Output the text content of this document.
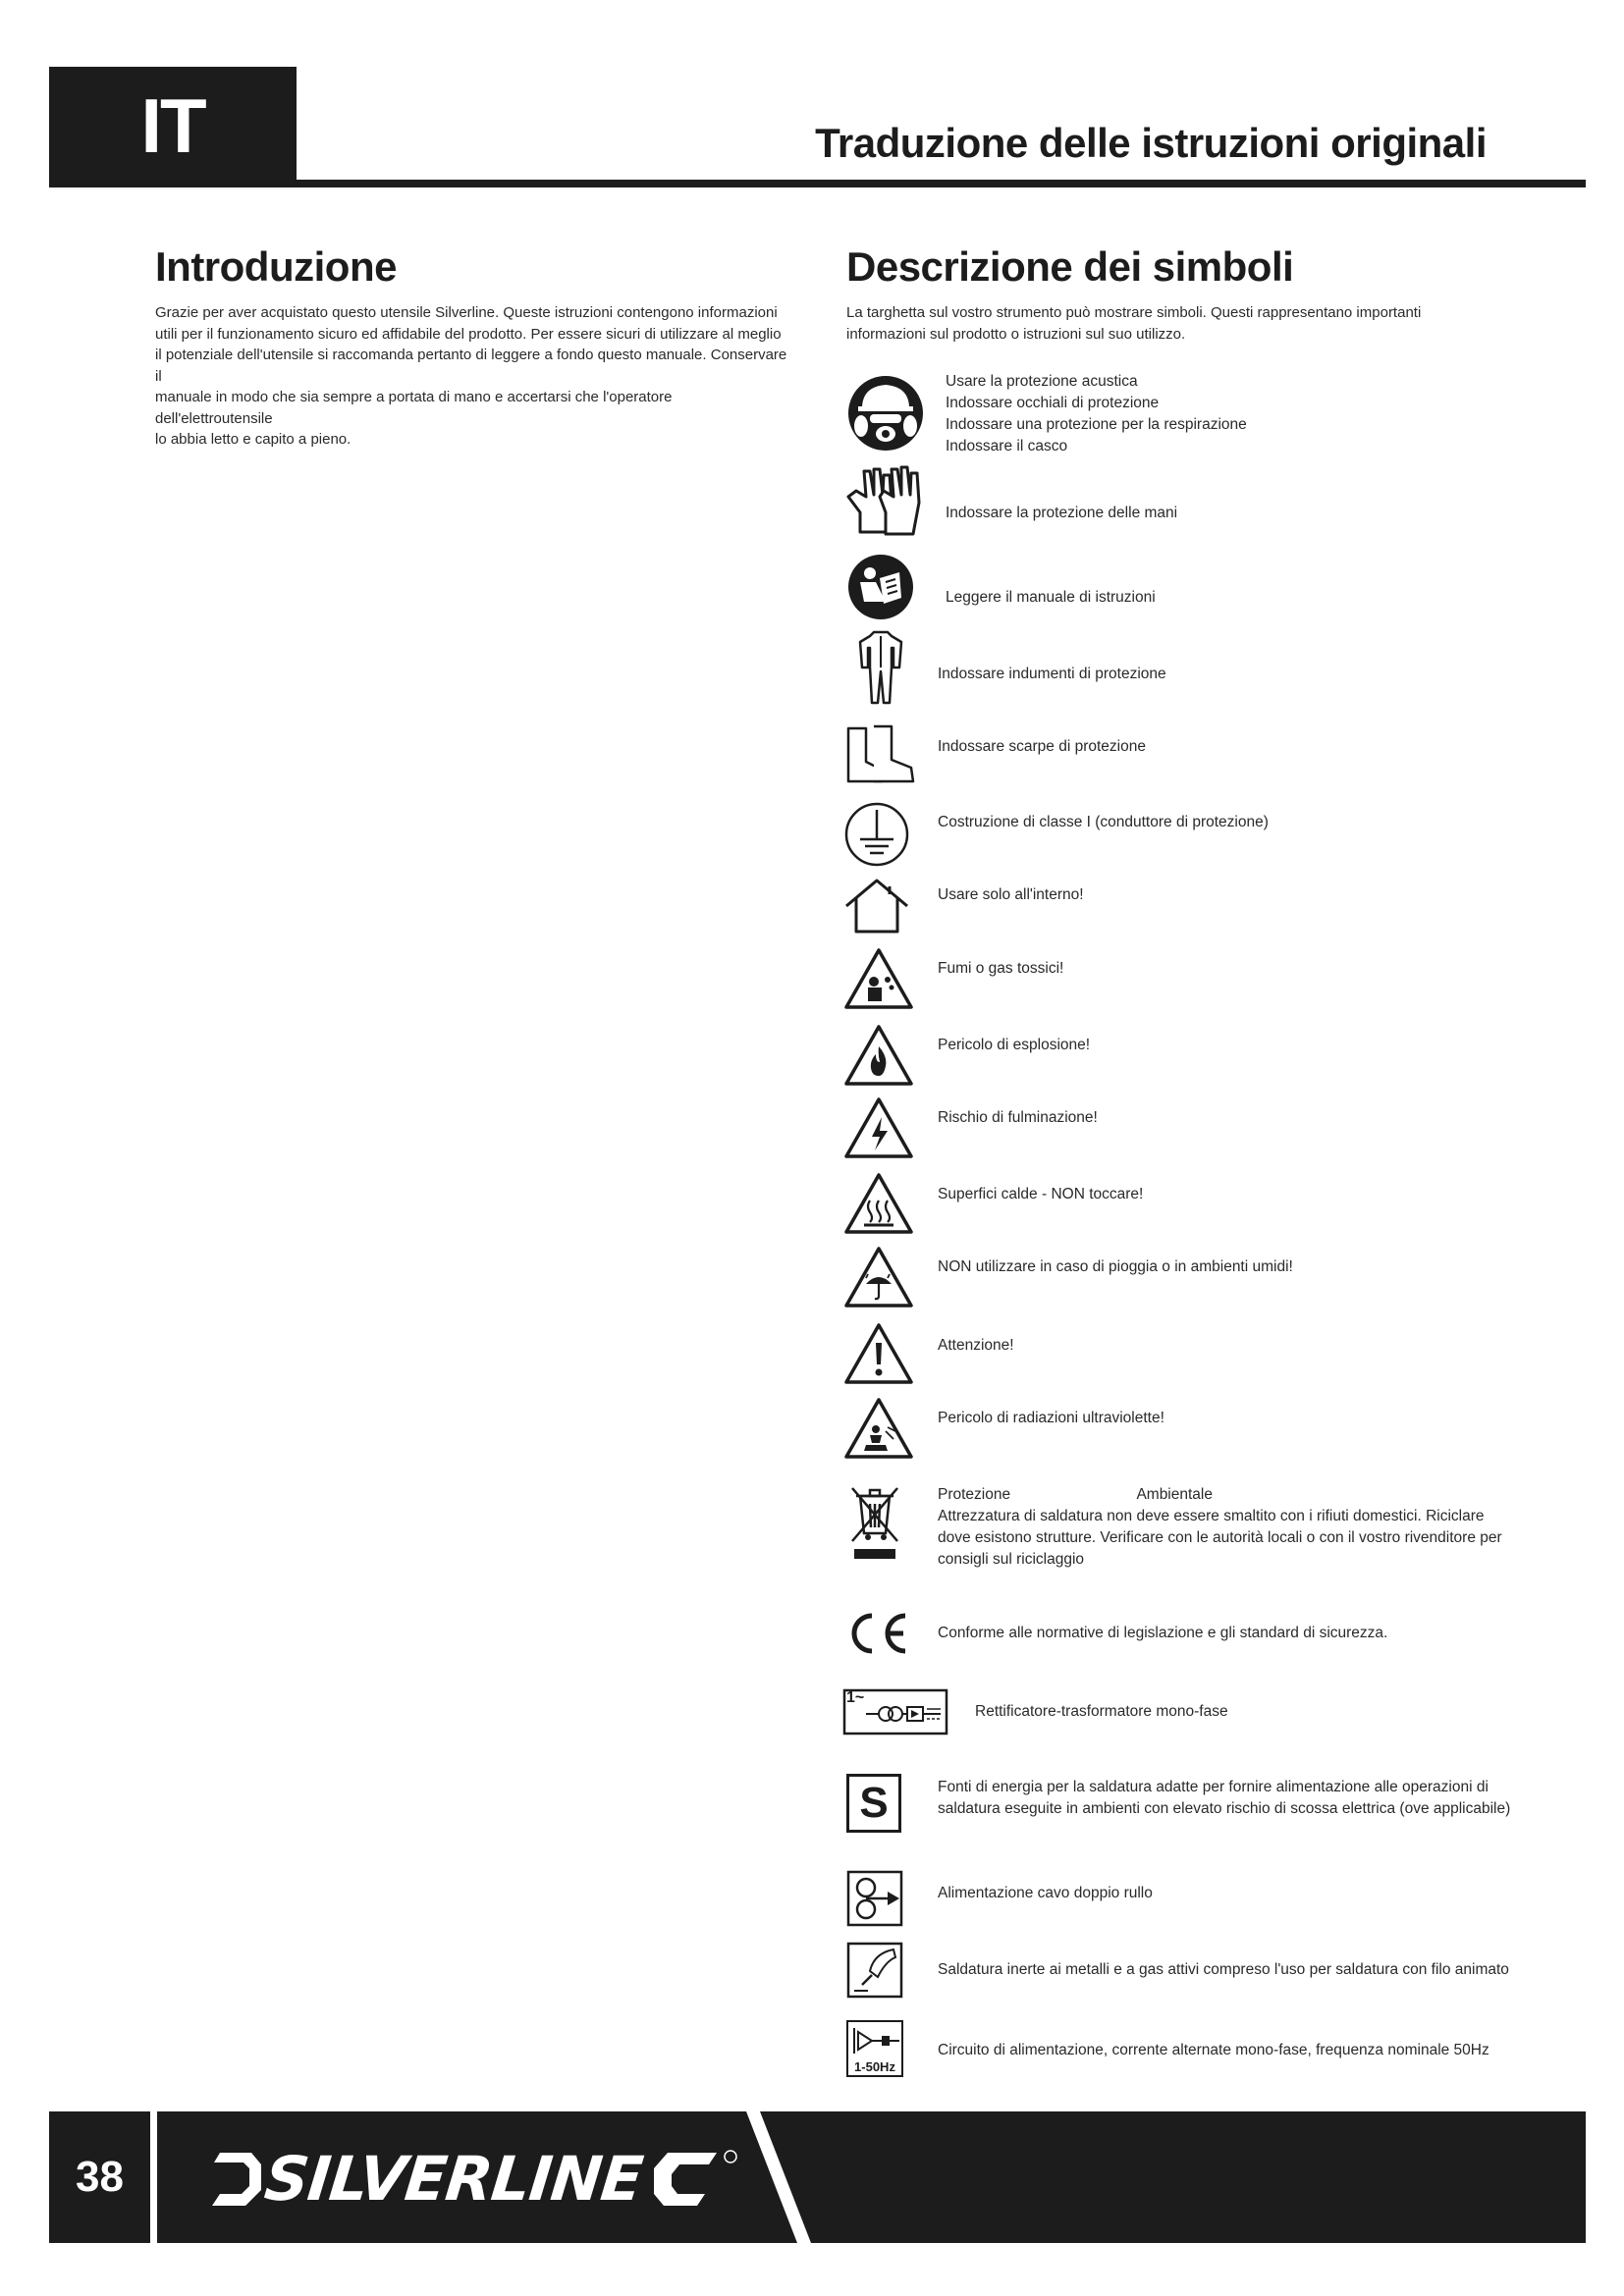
IT	Traduzione delle istruzioni originali
Introduzione
Grazie per aver acquistato questo utensile Silverline. Queste istruzioni contengono informazioni
utili per il funzionamento sicuro ed affidabile del prodotto. Per essere sicuri di utilizzare al meglio
il potenziale dell'utensile si raccomanda pertanto di leggere a fondo questo manuale. Conservare il
manuale in modo che sia sempre a portata di mano e accertarsi che l'operatore dell'elettroutensile
lo abbia letto e capito a pieno.
Descrizione dei simboli
La targhetta sul vostro strumento può mostrare simboli. Questi rappresentano importanti
informazioni sul prodotto o istruzioni sul suo utilizzo.
Usare la protezione acustica
Indossare occhiali di protezione
Indossare una protezione per la respirazione
Indossare il casco
Indossare la protezione delle mani
Leggere il manuale di istruzioni
Indossare indumenti di protezione
Indossare scarpe di protezione
Costruzione di classe I (conduttore di protezione)
Usare solo all'interno!
Fumi o gas tossici!
Pericolo di esplosione!
Rischio di fulminazione!
Superfici calde - NON toccare!
NON utilizzare in caso di pioggia o in ambienti umidi!
Attenzione!
Pericolo di radiazioni ultraviolette!
Protezione                              Ambientale
Attrezzatura di saldatura non deve essere smaltito con i rifiuti domestici. Riciclare
dove esistono strutture. Verificare con le autorità locali o con il vostro rivenditore per
consigli sul riciclaggio
Conforme alle normative di legislazione e gli standard di sicurezza.
1~
Rettificatore-trasformatore mono-fase
S	Fonti di energia per la saldatura adatte per fornire alimentazione alle operazioni di
saldatura eseguite in ambienti con elevato rischio di scossa elettrica (ove applicabile)
Alimentazione cavo doppio rullo
Saldatura inerte ai metalli e a gas attivi compreso l'uso per saldatura con filo animato
1-50Hz
Circuito di alimentazione, corrente alternate mono-fase, frequenza nominale 50Hz
38	SILVERLINE
